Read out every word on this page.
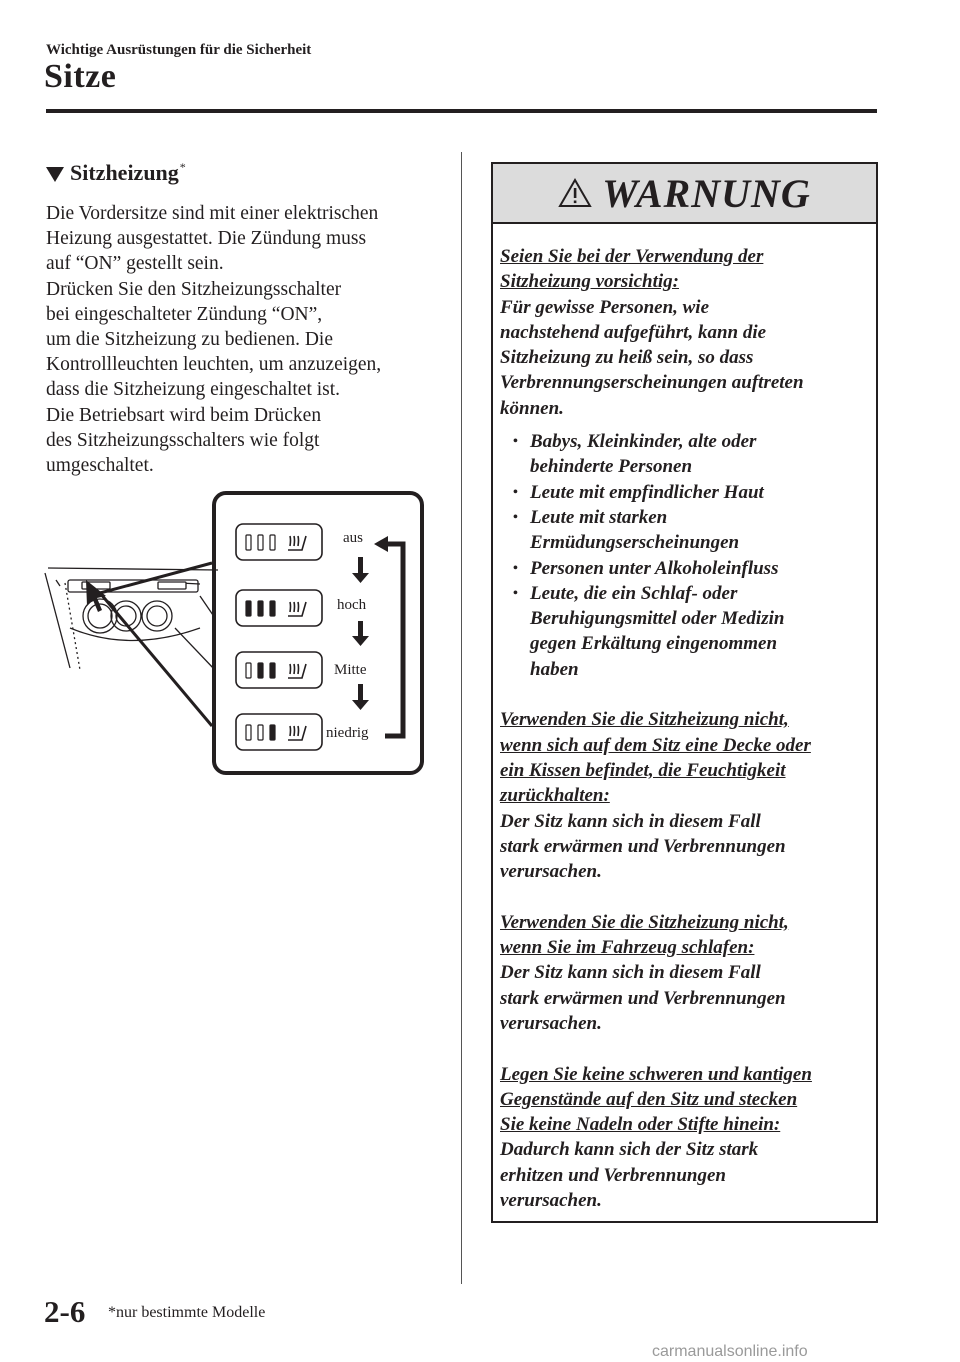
Wichtige Ausrüstungen für die Sicherheit
Sitze
Sitzheizung*

Die Vordersitze sind mit einer elektrischen
Heizung ausgestattet. Die Zündung muss
auf “ON” gestellt sein.
Drücken Sie den Sitzheizungsschalter
bei eingeschalteter Zündung “ON”,
um die Sitzheizung zu bedienen. Die
Kontrollleuchten leuchten, um anzuzeigen,
dass die Sitzheizung eingeschaltet ist.
Die Betriebsart wird beim Drücken
des Sitzheizungsschalters wie folgt
umgeschaltet.

aus
hoch
Mitte
niedrig
WARNUNG
Seien Sie bei der Verwendung der
Sitzheizung vorsichtig:
Für gewisse Personen, wie
nachstehend aufgeführt, kann die
Sitzheizung zu heiß sein, so dass
Verbrennungserscheinungen auftreten
können.
• Babys, Kleinkinder, alte oder
behinderte Personen
• Leute mit empfindlicher Haut
• Leute mit starken
Ermüdungserscheinungen
• Personen unter Alkoholeinfluss
• Leute, die ein Schlaf- oder
Beruhigungsmittel oder Medizin
gegen Erkältung eingenommen
haben
Verwenden Sie die Sitzheizung nicht,
wenn sich auf dem Sitz eine Decke oder
ein Kissen befindet, die Feuchtigkeit
zurückhalten:
Der Sitz kann sich in diesem Fall
stark erwärmen und Verbrennungen
verursachen.
Verwenden Sie die Sitzheizung nicht,
wenn Sie im Fahrzeug schlafen:
Der Sitz kann sich in diesem Fall
stark erwärmen und Verbrennungen
verursachen.
Legen Sie keine schweren und kantigen
Gegenstände auf den Sitz und stecken
Sie keine Nadeln oder Stifte hinein:
Dadurch kann sich der Sitz stark
erhitzen und Verbrennungen
verursachen.
2-6 *nur bestimmte Modelle
carmanualsonline.info
